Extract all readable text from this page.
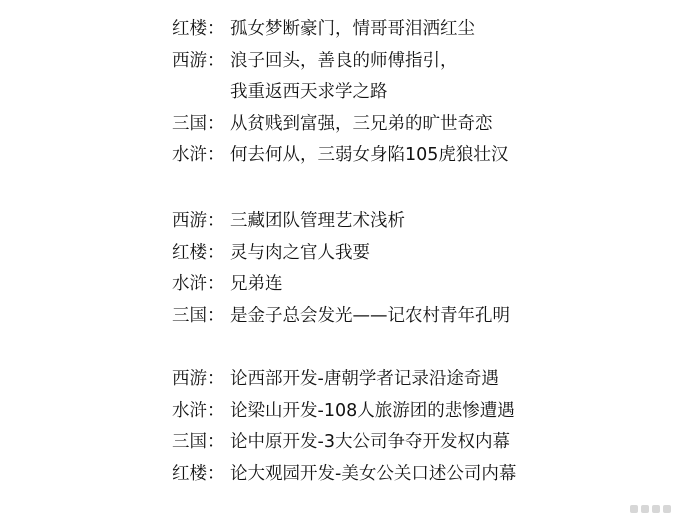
红楼： 孤女梦断豪门，情哥哥泪洒红尘
西游： 浪子回头，善良的师傅指引，
我重返西天求学之路
三国： 从贫贱到富强，三兄弟的旷世奇恋
水浒： 何去何从，三弱女身陷105虎狼壮汉
西游： 三藏团队管理艺术浅析
红楼： 灵与肉之官人我要
水浒： 兄弟连
三国： 是金子总会发光——记农村青年孔明
西游： 论西部开发-唐朝学者记录沿途奇遇
水浒： 论梁山开发-108人旅游团的悲惨遭遇
三国： 论中原开发-3大公司争夺开发权内幕
红楼： 论大观园开发-美女公关口述公司内幕
